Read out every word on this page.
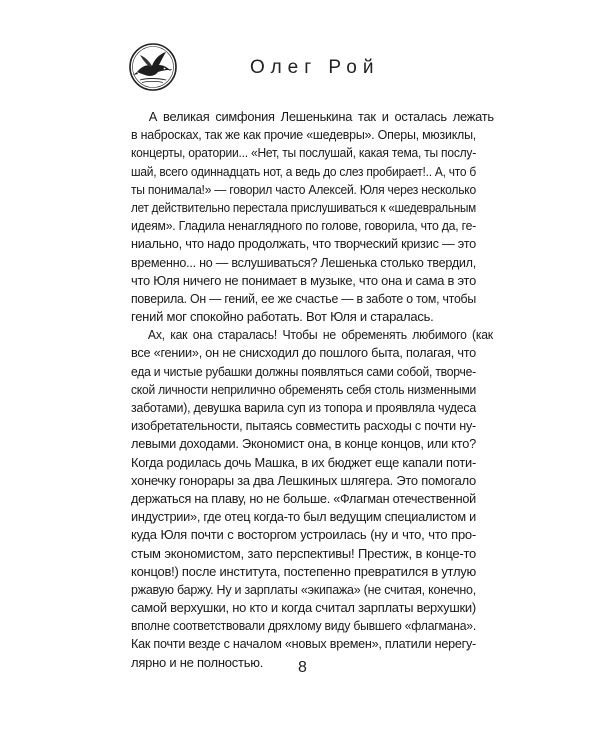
Олег Рой
А великая симфония Лешенькина так и осталась лежать
в набросках, так же как прочие «шедевры». Оперы, мюзиклы,
концерты, оратории... «Нет, ты послушай, какая тема, ты послу-
шай, всего одиннадцать нот, а ведь до слез пробирает!.. А, что б
ты понимала!» — говорил часто Алексей. Юля через несколько
лет действительно перестала прислушиваться к «шедевральным
идеям». Гладила ненаглядного по голове, говорила, что да, ге-
ниально, что надо продолжать, что творческий кризис — это
временно... но — вслушиваться? Лешенька столько твердил,
что Юля ничего не понимает в музыке, что она и сама в это
поверила. Он — гений, ее же счастье — в заботе о том, чтобы
гений мог спокойно работать. Вот Юля и старалась.
Ах, как она старалась! Чтобы не обременять любимого (как
все «гении», он не снисходил до пошлого быта, полагая, что
еда и чистые рубашки должны появляться сами собой, творче-
ской личности неприлично обременять себя столь низменными
заботами), девушка варила суп из топора и проявляла чудеса
изобретательности, пытаясь совместить расходы с почти ну-
левыми доходами. Экономист она, в конце концов, или кто?
Когда родилась дочь Машка, в их бюджет еще капали поти-
хонечку гонорары за два Лешкиных шлягера. Это помогало
держаться на плаву, но не больше. «Флагман отечественной
индустрии», где отец когда-то был ведущим специалистом и
куда Юля почти с восторгом устроилась (ну и что, что про-
стым экономистом, зато перспективы! Престиж, в конце-то
концов!) после института, постепенно превратился в утлую
ржавую баржу. Ну и зарплаты «экипажа» (не считая, конечно,
самой верхушки, но кто и когда считал зарплаты верхушки)
вполне соответствовали дряхлому виду бывшего «флагмана».
Как почти везде с началом «новых времен», платили нерегу-
лярно и не полностью.	8
